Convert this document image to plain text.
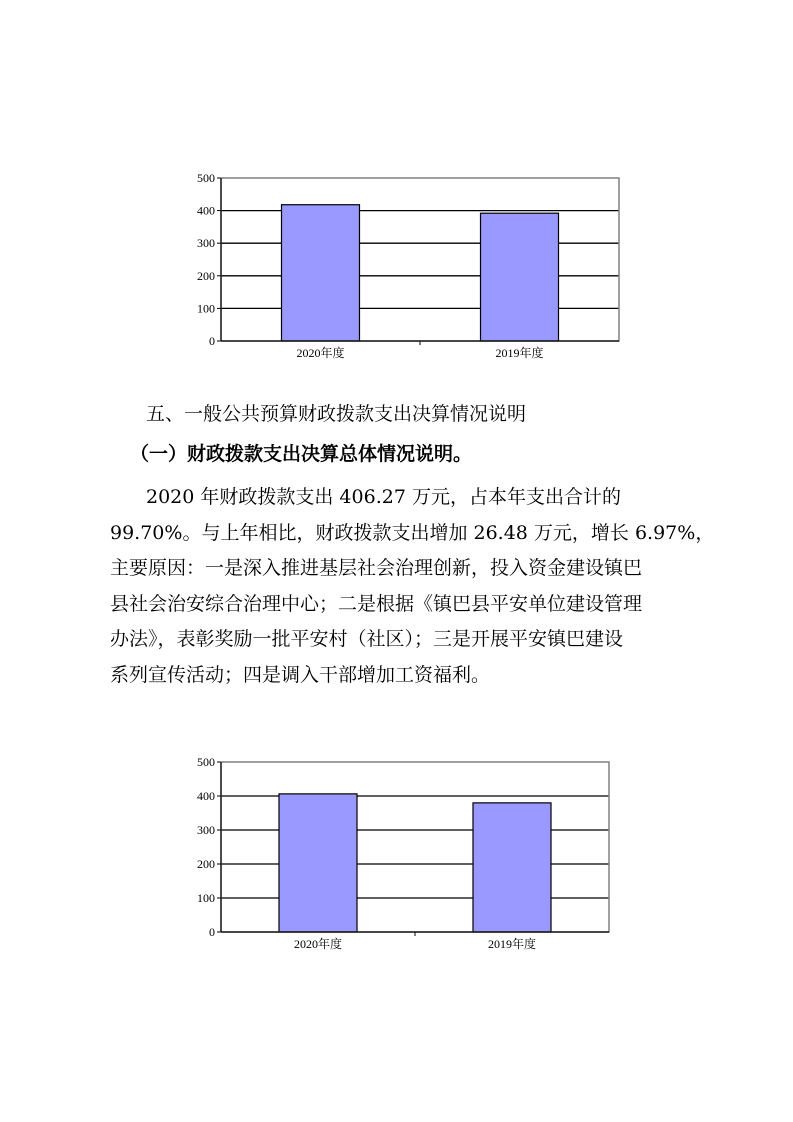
0
100
200
300
400
500
2020年度	2019年度
五、一般公共预算财政拨款支出决算情况说明
（一）财政拨款支出决算总体情况说明。
2020 年财政拨款支出 406.27 万元，占本年支出合计的
99.70%。与上年相比，财政拨款支出增加 26.48 万元，增长 6.97%，
主要原因：一是深入推进基层社会治理创新，投入资金建设镇巴
县社会治安综合治理中心；二是根据《镇巴县平安单位建设管理
办法》，表彰奖励一批平安村（社区）；三是开展平安镇巴建设
系列宣传活动；四是调入干部增加工资福利。
0
100
200
300
400
500
2020年度	2019年度
